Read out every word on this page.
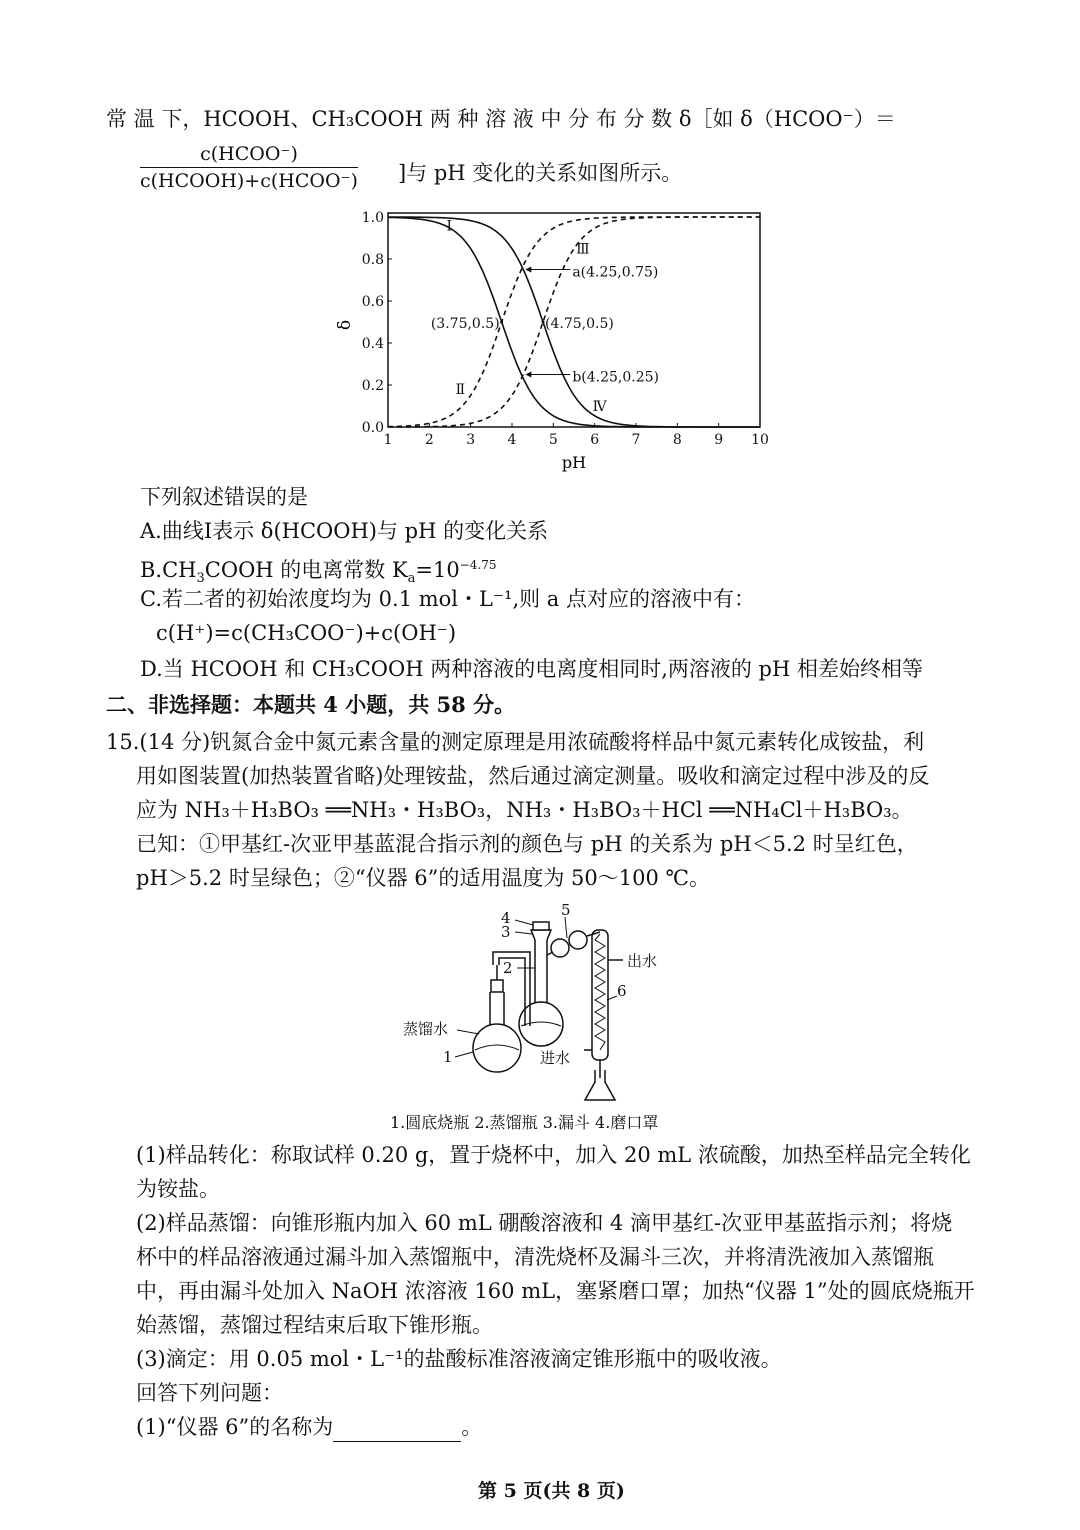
常 温 下，HCOOH、CH₃COOH 两 种 溶 液 中 分 布 分 数 δ［如 δ（HCOO⁻）＝
c(HCOO⁻)
c(HCOOH)+c(HCOO⁻) ]与 pH 变化的关系如图所示。
1 2 3 4 5 6 7 8 9 10
0.0
0.2
0.4
0.6
0.8
1.0
a(4.25,0.75)
b(4.25,0.25)
(3.75,0.5)	(4.75,0.5)
Ⅰ
Ⅱ
Ⅲ
Ⅳ
pH
δ
下列叙述错误的是
A.曲线Ⅰ表示 δ(HCOOH)与 pH 的变化关系
$B.CH_3COOH$ 的电离常数 $K_a=10^{-4.75}$
C.若二者的初始浓度均为 0.1 mol・L⁻¹,则 a 点对应的溶液中有：
c(H⁺)=c(CH₃COO⁻)+c(OH⁻)
D.当 HCOOH 和 CH₃COOH 两种溶液的电离度相同时,两溶液的 pH 相差始终相等
二、非选择题：本题共 4 小题，共 58 分。
15.(14 分)钒氮合金中氮元素含量的测定原理是用浓硫酸将样品中氮元素转化成铵盐，利
用如图装置(加热装置省略)处理铵盐，然后通过滴定测量。吸收和滴定过程中涉及的反
应为 NH₃＋H₃BO₃ ══NH₃・H₃BO₃，NH₃・H₃BO₃＋HCl ══NH₄Cl＋H₃BO₃。
已知：①甲基红-次亚甲基蓝混合指示剂的颜色与 pH 的关系为 pH＜5.2 时呈红色，
pH＞5.2 时呈绿色；②“仪器 6”的适用温度为 50～100 ℃。
4
3
5
2	出水
6
蒸馏水
1	进水
1.圆底烧瓶 2.蒸馏瓶 3.漏斗 4.磨口罩
(1)样品转化：称取试样 0.20 g，置于烧杯中，加入 20 mL 浓硫酸，加热至样品完全转化
为铵盐。
(2)样品蒸馏：向锥形瓶内加入 60 mL 硼酸溶液和 4 滴甲基红-次亚甲基蓝指示剂；将烧
杯中的样品溶液通过漏斗加入蒸馏瓶中，清洗烧杯及漏斗三次，并将清洗液加入蒸馏瓶
中，再由漏斗处加入 NaOH 浓溶液 160 mL，塞紧磨口罩；加热“仪器 1”处的圆底烧瓶开
始蒸馏，蒸馏过程结束后取下锥形瓶。
(3)滴定：用 0.05 mol・L⁻¹的盐酸标准溶液滴定锥形瓶中的吸收液。
回答下列问题：
(1)“仪器 6”的名称为	。
第 5 页(共 8 页)
